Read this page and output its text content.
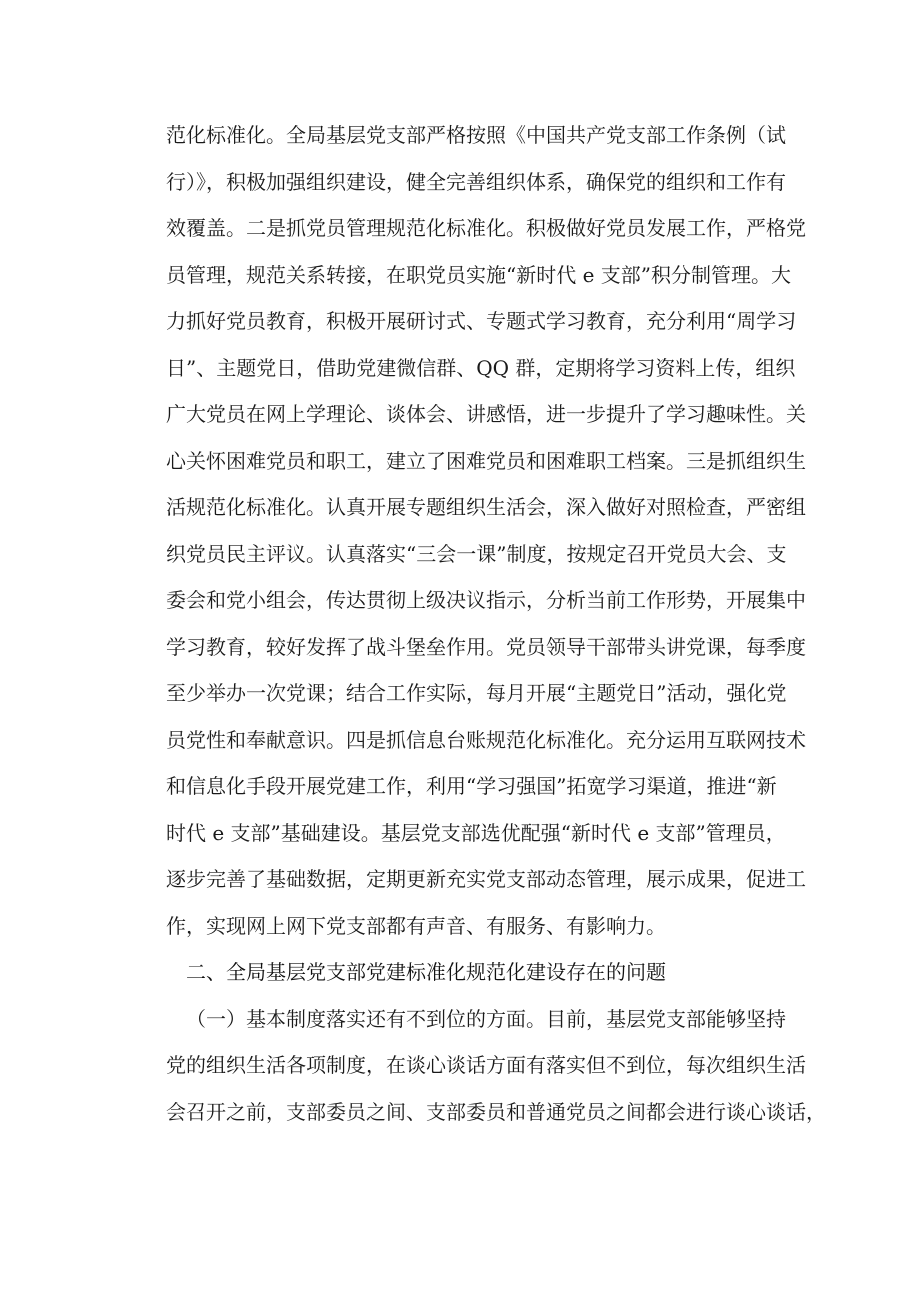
范化标准化。全局基层党支部严格按照《中国共产党支部工作条例（试
行）》，积极加强组织建设，健全完善组织体系，确保党的组织和工作有
效覆盖。二是抓党员管理规范化标准化。积极做好党员发展工作，严格党
员管理，规范关系转接，在职党员实施“新时代 e 支部”积分制管理。大
力抓好党员教育，积极开展研讨式、专题式学习教育，充分利用“周学习
日”、主题党日，借助党建微信群、QQ 群，定期将学习资料上传，组织
广大党员在网上学理论、谈体会、讲感悟，进一步提升了学习趣味性。关
心关怀困难党员和职工，建立了困难党员和困难职工档案。三是抓组织生
活规范化标准化。认真开展专题组织生活会，深入做好对照检查，严密组
织党员民主评议。认真落实“三会一课”制度，按规定召开党员大会、支
委会和党小组会，传达贯彻上级决议指示，分析当前工作形势，开展集中
学习教育，较好发挥了战斗堡垒作用。党员领导干部带头讲党课，每季度
至少举办一次党课；结合工作实际，每月开展“主题党日”活动，强化党
员党性和奉献意识。四是抓信息台账规范化标准化。充分运用互联网技术
和信息化手段开展党建工作，利用“学习强国”拓宽学习渠道，推进“新
时代 e 支部”基础建设。基层党支部选优配强“新时代 e 支部”管理员，
逐步完善了基础数据，定期更新充实党支部动态管理，展示成果，促进工
作，实现网上网下党支部都有声音、有服务、有影响力。
二、全局基层党支部党建标准化规范化建设存在的问题
（一）基本制度落实还有不到位的方面。目前，基层党支部能够坚持
党的组织生活各项制度，在谈心谈话方面有落实但不到位，每次组织生活
会召开之前，支部委员之间、支部委员和普通党员之间都会进行谈心谈话，
